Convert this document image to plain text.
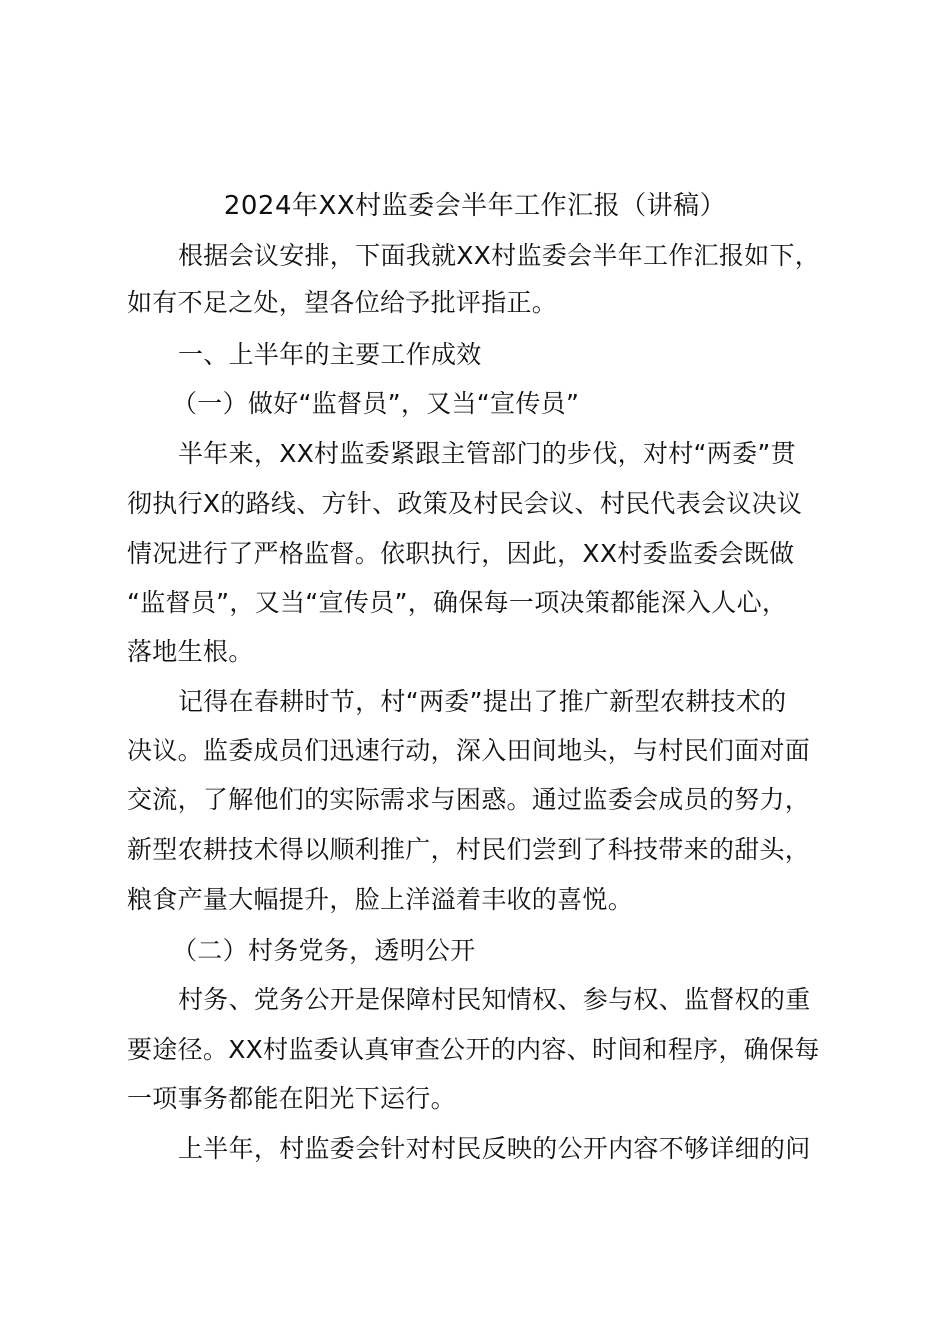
2024年XX村监委会半年工作汇报（讲稿）
根据会议安排，下面我就XX村监委会半年工作汇报如下，
如有不足之处，望各位给予批评指正。
一、上半年的主要工作成效
（一）做好“监督员”，又当“宣传员”
半年来，XX村监委紧跟主管部门的步伐，对村“两委”贯
彻执行X的路线、方针、政策及村民会议、村民代表会议决议
情况进行了严格监督。依职执行，因此，XX村委监委会既做
“监督员”，又当“宣传员”，确保每一项决策都能深入人心，
落地生根。
记得在春耕时节，村“两委”提出了推广新型农耕技术的
决议。监委成员们迅速行动，深入田间地头，与村民们面对面
交流，了解他们的实际需求与困惑。通过监委会成员的努力，
新型农耕技术得以顺利推广，村民们尝到了科技带来的甜头，
粮食产量大幅提升，脸上洋溢着丰收的喜悦。
（二）村务党务，透明公开
村务、党务公开是保障村民知情权、参与权、监督权的重
要途径。XX村监委认真审查公开的内容、时间和程序，确保每
一项事务都能在阳光下运行。
上半年，村监委会针对村民反映的公开内容不够详细的问
